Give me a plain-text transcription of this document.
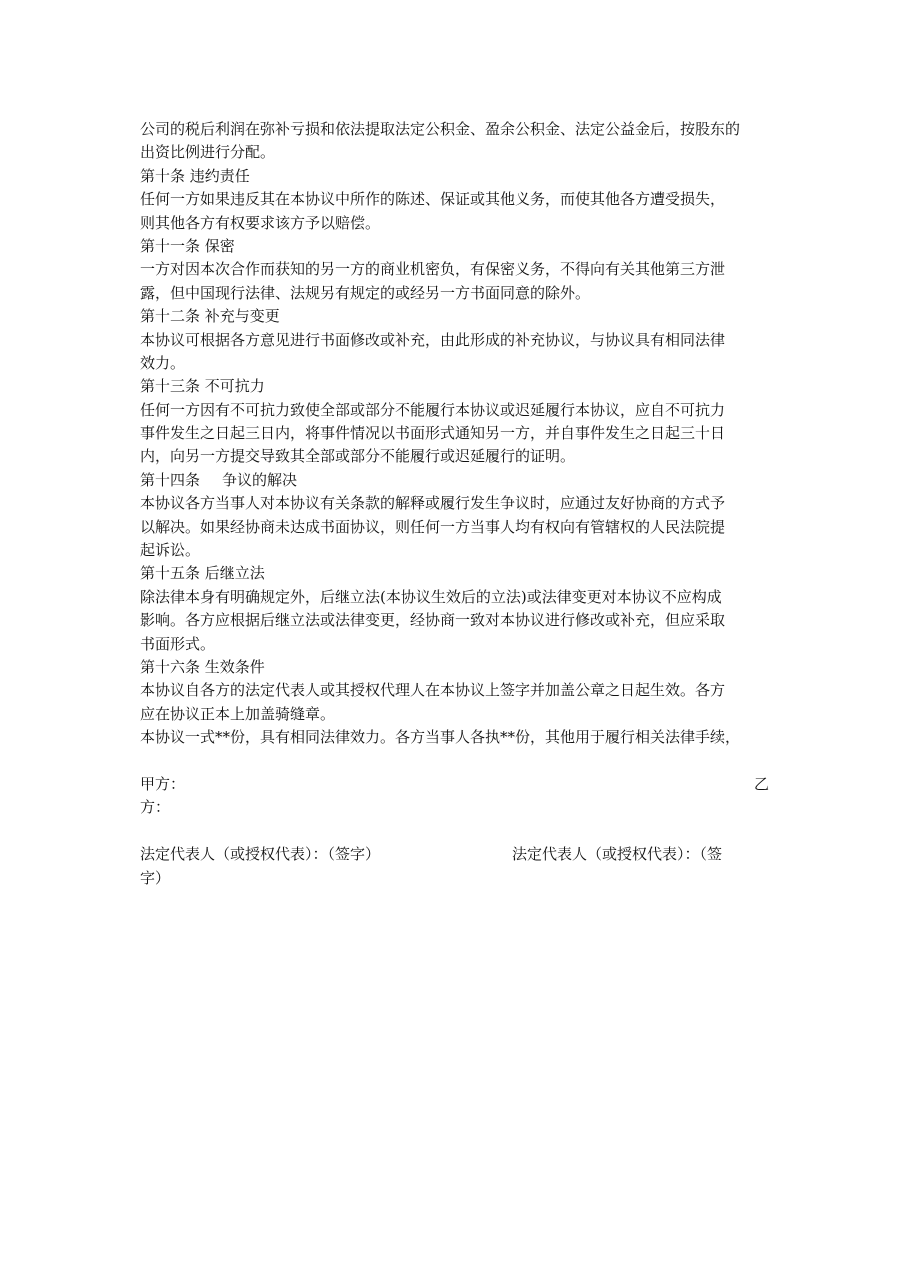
公司的税后利润在弥补亏损和依法提取法定公积金、盈余公积金、法定公益金后，按股东的
出资比例进行分配。
第十条 违约责任
任何一方如果违反其在本协议中所作的陈述、保证或其他义务，而使其他各方遭受损失，
则其他各方有权要求该方予以赔偿。
第十一条 保密
一方对因本次合作而获知的另一方的商业机密负，有保密义务，不得向有关其他第三方泄
露，但中国现行法律、法规另有规定的或经另一方书面同意的除外。
第十二条 补充与变更
本协议可根据各方意见进行书面修改或补充，由此形成的补充协议，与协议具有相同法律
效力。
第十三条 不可抗力
任何一方因有不可抗力致使全部或部分不能履行本协议或迟延履行本协议，应自不可抗力
事件发生之日起三日内，将事件情况以书面形式通知另一方，并自事件发生之日起三十日
内，向另一方提交导致其全部或部分不能履行或迟延履行的证明。
第十四条 争议的解决
本协议各方当事人对本协议有关条款的解释或履行发生争议时，应通过友好协商的方式予
以解决。如果经协商未达成书面协议，则任何一方当事人均有权向有管辖权的人民法院提
起诉讼。
第十五条 后继立法
除法律本身有明确规定外，后继立法(本协议生效后的立法)或法律变更对本协议不应构成
影响。各方应根据后继立法或法律变更，经协商一致对本协议进行修改或补充，但应采取
书面形式。
第十六条 生效条件
本协议自各方的法定代表人或其授权代理人在本协议上签字并加盖公章之日起生效。各方
应在协议正本上加盖骑缝章。
本协议一式**份，具有相同法律效力。各方当事人各执**份，其他用于履行相关法律手续，
甲方：	乙
方：
法定代表人（或授权代表）：（签字）	法定代表人（或授权代表）：（签
字）
